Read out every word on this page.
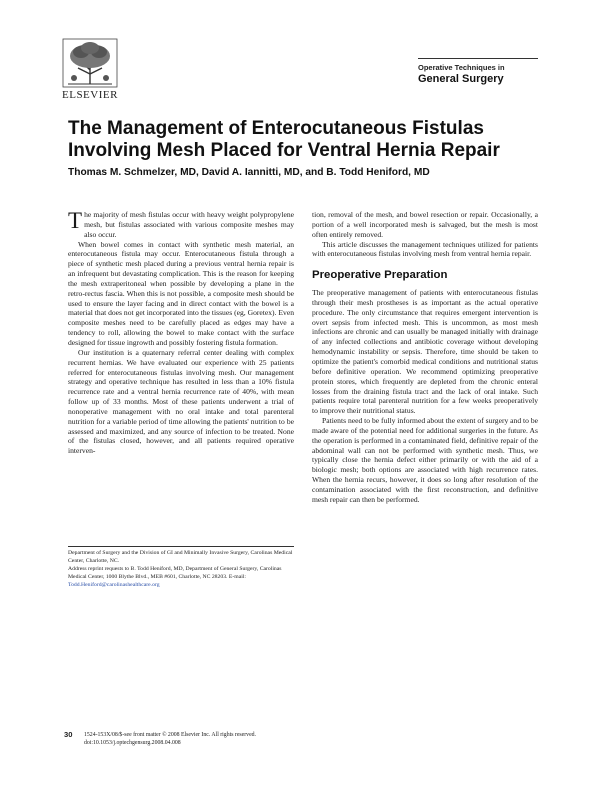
ELSEVIER
Operative Techniques in
General Surgery
The Management of Enterocutaneous Fistulas Involving Mesh Placed for Ventral Hernia Repair
Thomas M. Schmelzer, MD, David A. Iannitti, MD, and B. Todd Heniford, MD

The majority of mesh fistulas occur with heavy weight polypropylene mesh, but fistulas associated with various composite meshes may also occur.

When bowel comes in contact with synthetic mesh material, an enterocutaneous fistula may occur. Enterocutaneous fistula through a piece of synthetic mesh placed during a previous ventral hernia repair is an infrequent but devastating complication. This is the reason for keeping the mesh extraperitoneal when possible by developing a plane in the retro-rectus fascia. When this is not possible, a composite mesh should be used to ensure the layer facing and in direct contact with the bowel is a material that does not get incorporated into the tissues (eg, Goretex). Even composite meshes need to be carefully placed as edges may have a tendency to roll, allowing the bowel to make contact with the surface designed for tissue ingrowth and possibly fostering fistula formation.

Our institution is a quaternary referral center dealing with complex recurrent hernias. We have evaluated our experience with 25 patients referred for enterocutaneous fistulas involving mesh. Our management strategy and operative technique has resulted in less than a 10% fistula recurrence rate and a ventral hernia recurrence rate of 40%, with mean follow up of 33 months. Most of these patients underwent a trial of nonoperative management with no oral intake and total parenteral nutrition for a variable period of time allowing the patients' nutrition to be assessed and maximized, and any source of infection to be treated. None of the fistulas closed, however, and all patients required operative interven-

tion, removal of the mesh, and bowel resection or repair. Occasionally, a portion of a well incorporated mesh is salvaged, but the mesh is most often entirely removed.

This article discusses the management techniques utilized for patients with enterocutaneous fistulas involving mesh from ventral hernia repair.

Preoperative Preparation

The preoperative management of patients with enterocutaneous fistulas through their mesh prostheses is as important as the actual operative procedure. The only circumstance that requires emergent intervention is overt sepsis from infected mesh. This is uncommon, as most mesh infections are chronic and can usually be managed initially with drainage of any infected collections and antibiotic coverage without developing hemodynamic instability or sepsis. Therefore, time should be taken to optimize the patient's comorbid medical conditions and nutritional status before definitive operation. We recommend optimizing preoperative protein stores, which frequently are depleted from the chronic enteral losses from the draining fistula tract and the lack of oral intake. Such patients require total parenteral nutrition for a few weeks preoperatively to improve their nutritional status.

Patients need to be fully informed about the extent of surgery and to be made aware of the potential need for additional surgeries in the future. As the operation is performed in a contaminated field, definitive repair of the abdominal wall can not be performed with synthetic mesh. Thus, we typically close the hernia defect either primarily or with the aid of a biologic mesh; both options are associated with high recurrence rates. When the hernia recurs, however, it does so long after resolution of the contamination associated with the first reconstruction, and definitive mesh repair can then be performed.

Department of Surgery and the Division of GI and Minimally Invasive Surgery, Carolinas Medical Center, Charlotte, NC.

Address reprint requests to B. Todd Heniford, MD, Department of General Surgery, Carolinas Medical Center, 1000 Blythe Blvd., MEB #601, Charlotte, NC 28203. E-mail: Todd.Heniford@carolinashealthcare.org

30 1524-153X/08/$-see front matter © 2008 Elsevier Inc. All rights reserved.
doi:10.1053/j.optechgensurg.2008.04.008
